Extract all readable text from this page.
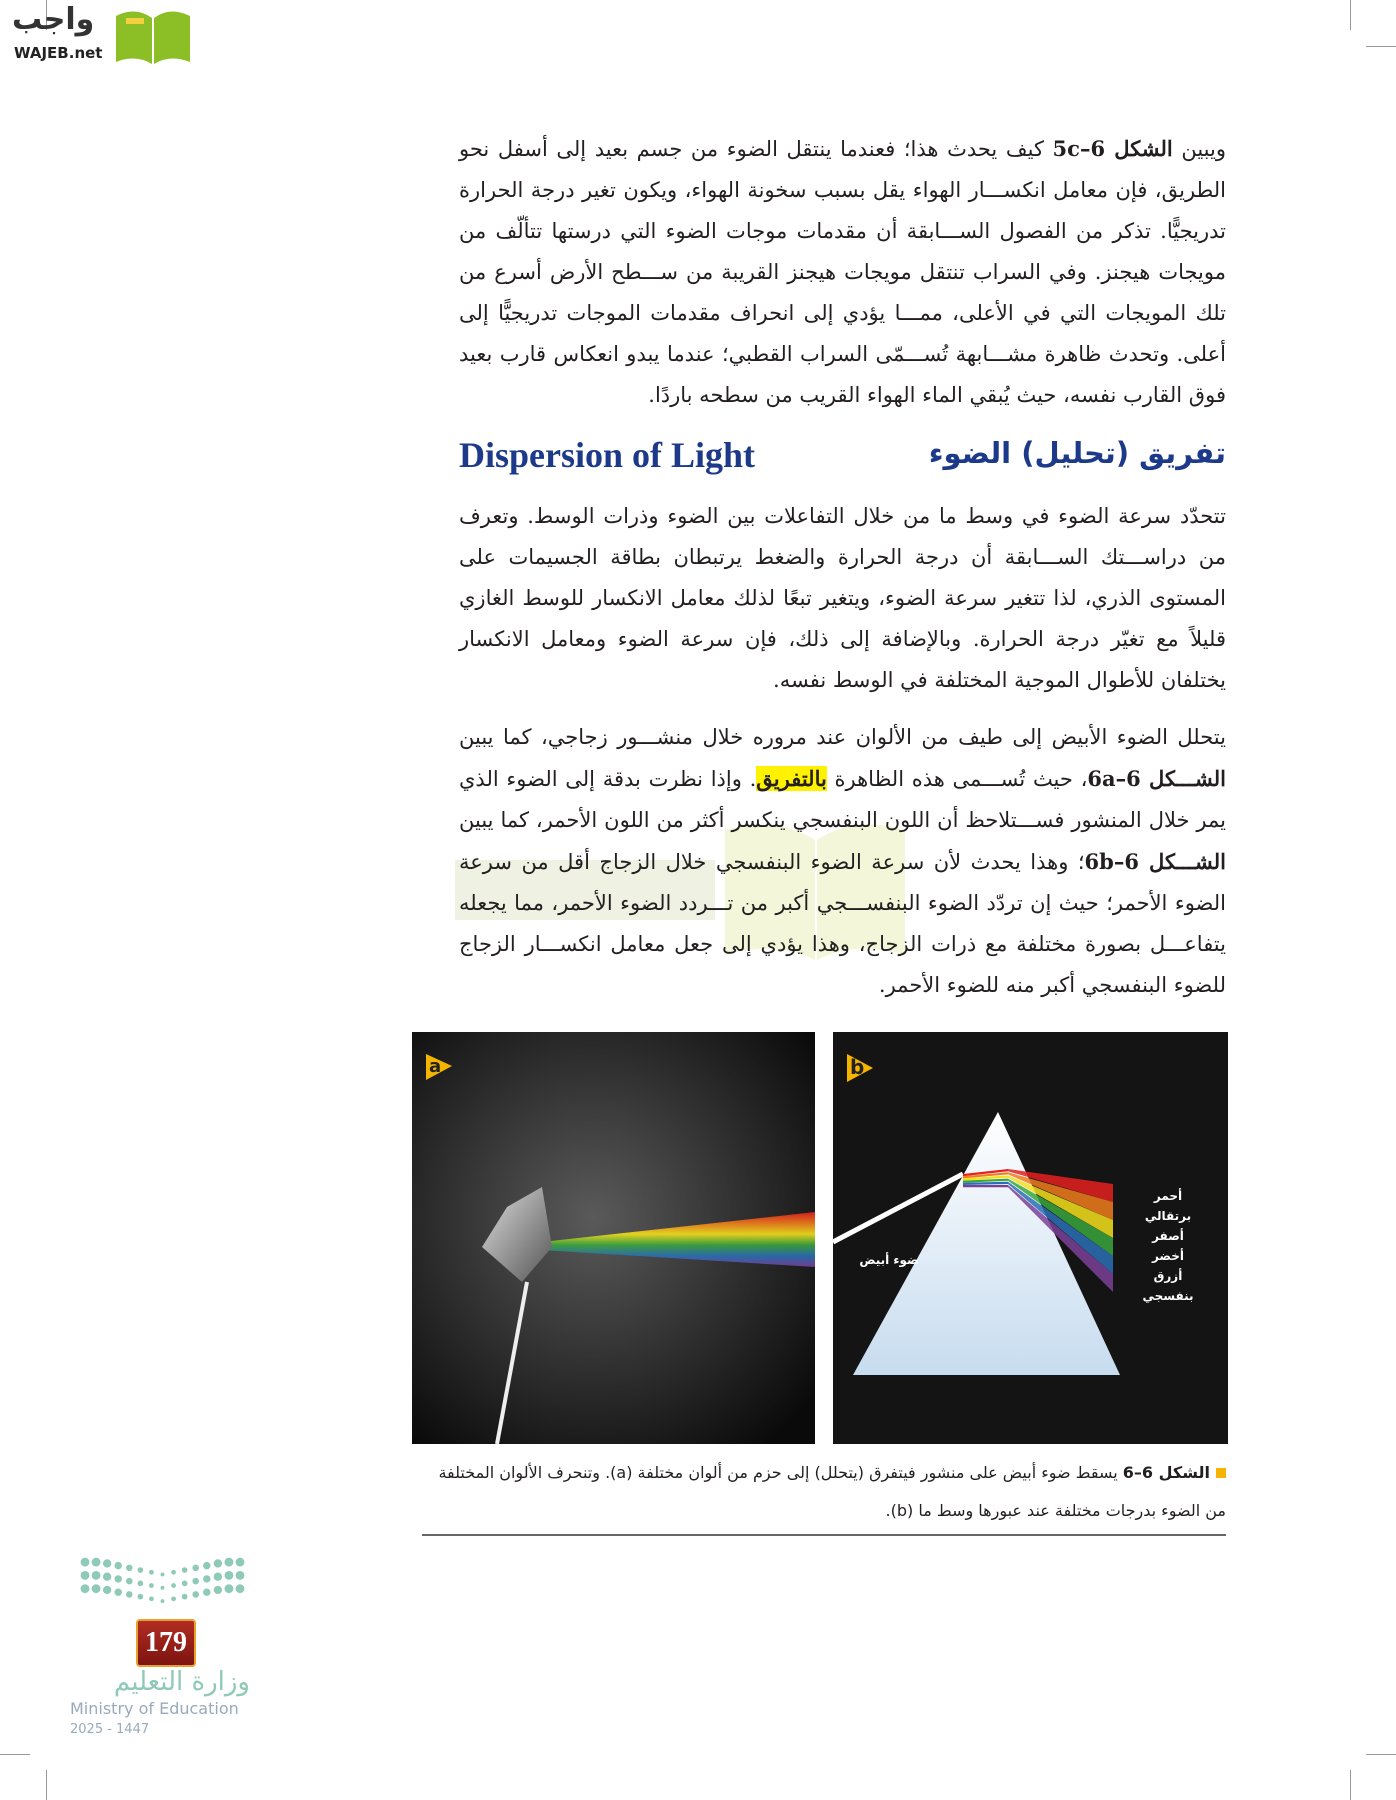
واجب
WAJEB.net
ويبين الشكل 6–5c كيف يحدث هذا؛ فعندما ينتقل الضوء من جسم بعيد إلى أسفل نحو الطريق، فإن معامل انكســـار الهواء يقل بسبب سخونة الهواء، ويكون تغير درجة الحرارة تدريجيًّا. تذكر من الفصول الســـابقة أن مقدمات موجات الضوء التي درستها تتألّف من مويجات هيجنز. وفي السراب تنتقل مويجات هيجنز القريبة من ســـطح الأرض أسرع من تلك المويجات التي في الأعلى، ممـــا يؤدي إلى انحراف مقدمات الموجات تدريجيًّا إلى أعلى. وتحدث ظاهرة مشـــابهة تُســـمّى السراب القطبي؛ عندما يبدو انعكاس قارب بعيد فوق القارب نفسه، حيث يُبقي الماء الهواء القريب من سطحه باردًا.
Dispersion of Light	تفريق (تحليل) الضوء
تتحدّد سرعة الضوء في وسط ما من خلال التفاعلات بين الضوء وذرات الوسط. وتعرف من دراســـتك الســـابقة أن درجة الحرارة والضغط يرتبطان بطاقة الجسيمات على المستوى الذري، لذا تتغير سرعة الضوء، ويتغير تبعًا لذلك معامل الانكسار للوسط الغازي قليلاً مع تغيّر درجة الحرارة. وبالإضافة إلى ذلك، فإن سرعة الضوء ومعامل الانكسار يختلفان للأطوال الموجية المختلفة في الوسط نفسه.
يتحلل الضوء الأبيض إلى طيف من الألوان عند مروره خلال منشـــور زجاجي، كما يبين الشـــكل 6–6a، حيث تُســـمى هذه الظاهرة بالتفريق. وإذا نظرت بدقة إلى الضوء الذي يمر خلال المنشور فســـتلاحظ أن اللون البنفسجي ينكسر أكثر من اللون الأحمر، كما يبين الشـــكل 6–6b؛ وهذا يحدث لأن سرعة الضوء البنفسجي خلال الزجاج أقل من سرعة الضوء الأحمر؛ حيث إن تردّد الضوء البنفســـجي أكبر من تـــردد الضوء الأحمر، مما يجعله يتفاعـــل بصورة مختلفة مع ذرات الزجاج، وهذا يؤدي إلى جعل معامل انكســـار الزجاج للضوء البنفسجي أكبر منه للضوء الأحمر.
a	b
ضوء أبيض
أحمر
برتقالي
أصفر
أخضر
أزرق
بنفسجي
الشكل 6–6 يسقط ضوء أبيض على منشور فيتفرق (يتحلل) إلى حزم من ألوان مختلفة (a). وتنحرف الألوان المختلفة من الضوء بدرجات مختلفة عند عبورها وسط ما (b).
179
وزارة التعليم
Ministry of Education
2025 - 1447
